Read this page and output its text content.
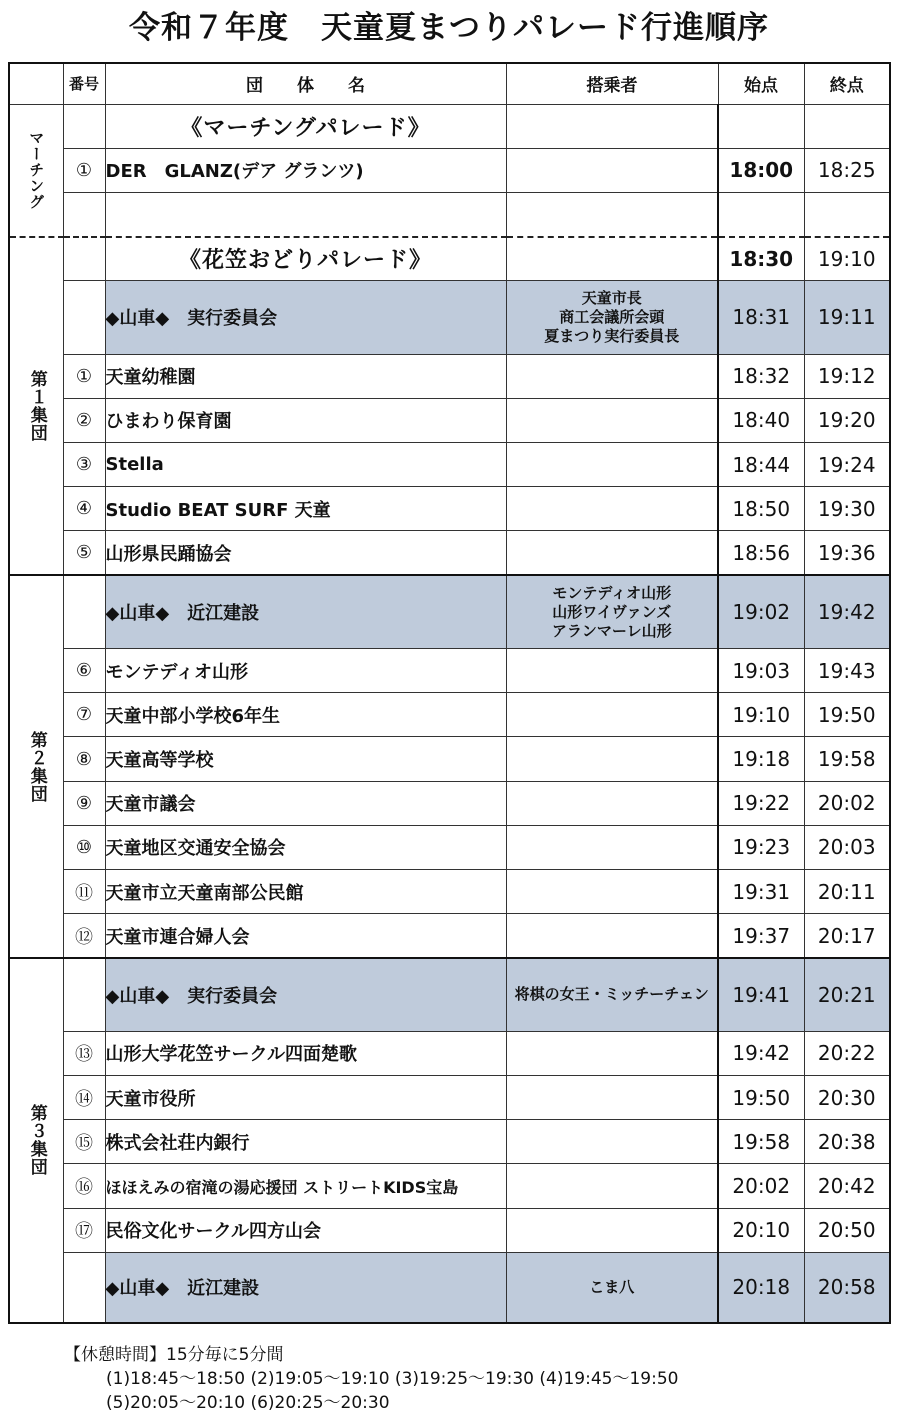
令和７年度　天童夏まつりパレード行進順序
	番号	団　　体　　名	搭乗者	始点	終点
マーチング		《マーチングパレード》			
	①	DER　GLANZ(デア グランツ)		18:00	18:25

第１集団		《花笠おどりパレード》		18:30	19:10
		◆山車◆　実行委員会	天童市長
商工会議所会頭
夏まつり実行委員長	18:31	19:11
	①	天童幼稚園		18:32	19:12
	②	ひまわり保育園		18:40	19:20
	③	Stella		18:44	19:24
	④	Studio BEAT SURF 天童		18:50	19:30
	⑤	山形県民踊協会		18:56	19:36
第２集団		◆山車◆　近江建設	モンテディオ山形
山形ワイヴァンズ
アランマーレ山形	19:02	19:42
	⑥	モンテディオ山形		19:03	19:43
	⑦	天童中部小学校6年生		19:10	19:50
	⑧	天童高等学校		19:18	19:58
	⑨	天童市議会		19:22	20:02
	⑩	天童地区交通安全協会		19:23	20:03
	⑪	天童市立天童南部公民館		19:31	20:11
	⑫	天童市連合婦人会		19:37	20:17
第３集団		◆山車◆　実行委員会	将棋の女王・ミッチーチェン	19:41	20:21
	⑬	山形大学花笠サークル四面楚歌		19:42	20:22
	⑭	天童市役所		19:50	20:30
	⑮	株式会社荘内銀行		19:58	20:38
	⑯	ほほえみの宿滝の湯応援団 ストリートKIDS宝島		20:02	20:42
	⑰	民俗文化サークル四方山会		20:10	20:50
		◆山車◆　近江建設	こま八	20:18	20:58
【休憩時間】15分毎に5分間
(1)18:45～18:50 (2)19:05～19:10 (3)19:25～19:30 (4)19:45～19:50
(5)20:05～20:10 (6)20:25～20:30
